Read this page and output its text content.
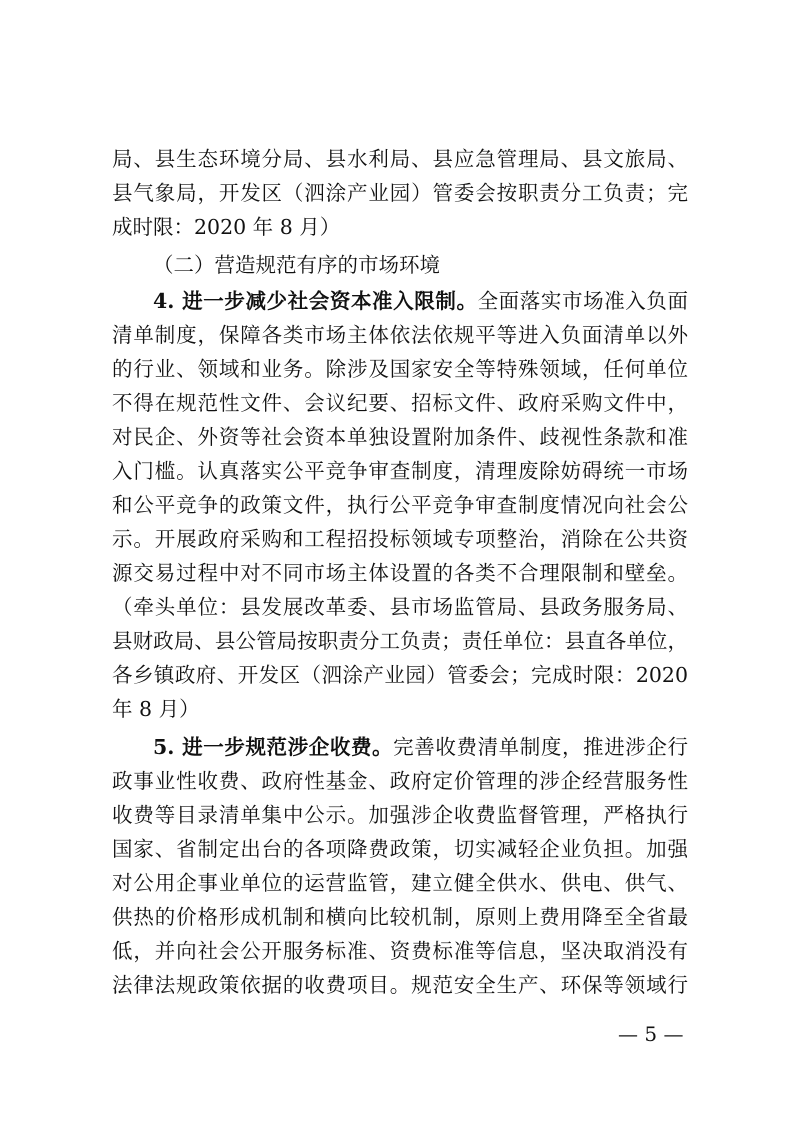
局、县生态环境分局、县水利局、县应急管理局、县文旅局、
县气象局，开发区（泗涂产业园）管委会按职责分工负责；完
成时限：2020 年 8 月）
（二）营造规范有序的市场环境
4. 进一步减少社会资本准入限制。全面落实市场准入负面
清单制度，保障各类市场主体依法依规平等进入负面清单以外
的行业、领域和业务。除涉及国家安全等特殊领域，任何单位
不得在规范性文件、会议纪要、招标文件、政府采购文件中，
对民企、外资等社会资本单独设置附加条件、歧视性条款和准
入门槛。认真落实公平竞争审查制度，清理废除妨碍统一市场
和公平竞争的政策文件，执行公平竞争审查制度情况向社会公
示。开展政府采购和工程招投标领域专项整治，消除在公共资
源交易过程中对不同市场主体设置的各类不合理限制和壁垒。
（牵头单位：县发展改革委、县市场监管局、县政务服务局、
县财政局、县公管局按职责分工负责；责任单位：县直各单位，
各乡镇政府、开发区（泗涂产业园）管委会；完成时限：2020
年 8 月）
5. 进一步规范涉企收费。完善收费清单制度，推进涉企行
政事业性收费、政府性基金、政府定价管理的涉企经营服务性
收费等目录清单集中公示。加强涉企收费监督管理，严格执行
国家、省制定出台的各项降费政策，切实减轻企业负担。加强
对公用企事业单位的运营监管，建立健全供水、供电、供气、
供热的价格形成机制和横向比较机制，原则上费用降至全省最
低，并向社会公开服务标准、资费标准等信息，坚决取消没有
法律法规政策依据的收费项目。规范安全生产、环保等领域行
— 5 —
